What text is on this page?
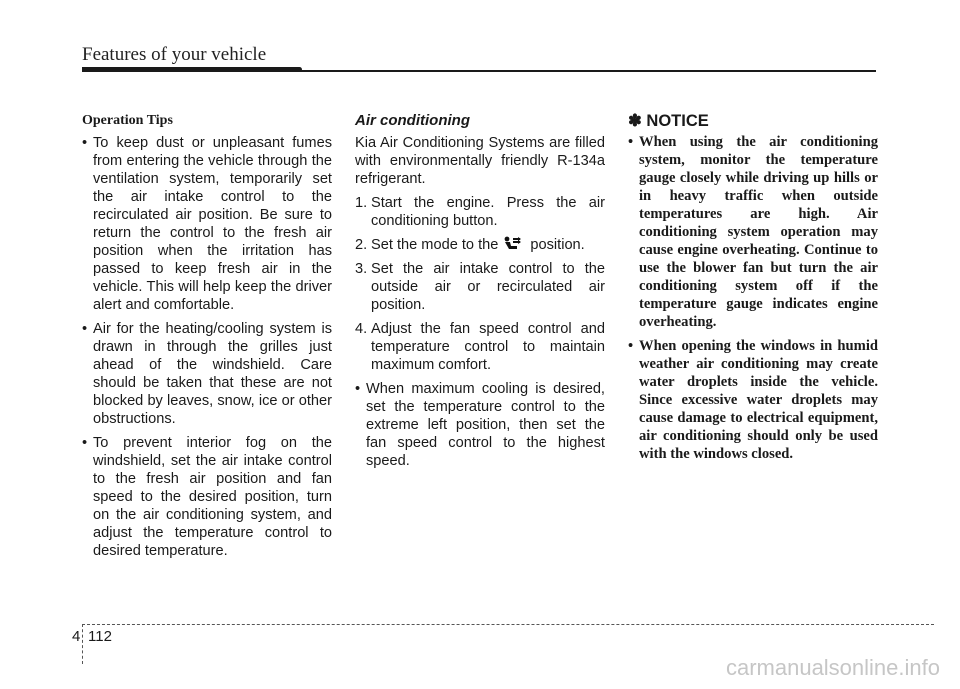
Features of your vehicle
Operation Tips
• To keep dust or unpleasant fumes from entering the vehicle through the ventilation system, temporarily set the air intake control to the recirculated air position. Be sure to return the control to the fresh air position when the irritation has passed to keep fresh air in the vehicle. This will help keep the driver alert and comfortable.
• Air for the heating/cooling system is drawn in through the grilles just ahead of the windshield. Care should be taken that these are not blocked by leaves, snow, ice or other obstructions.
• To prevent interior fog on the windshield, set the air intake control to the fresh air position and fan speed to the desired position, turn on the air conditioning system, and adjust the temperature control to desired temperature.
Air conditioning

Kia Air Conditioning Systems are filled with environmentally friendly R-134a refrigerant.

1. Start the engine. Press the air conditioning button.
2. Set the mode to the position.
3. Set the air intake control to the outside air or recirculated air position.
4. Adjust the fan speed control and temperature control to maintain maximum comfort.
• When maximum cooling is desired, set the temperature control to the extreme left position, then set the fan speed control to the highest speed.
✽ NOTICE
• When using the air conditioning system, monitor the temperature gauge closely while driving up hills or in heavy traffic when outside temperatures are high. Air conditioning system operation may cause engine overheating. Continue to use the blower fan but turn the air conditioning system off if the temperature gauge indicates engine overheating.
• When opening the windows in humid weather air conditioning may create water droplets inside the vehicle. Since excessive water droplets may cause damage to electrical equipment, air conditioning should only be used with the windows closed.
4 112
carmanualsonline.info
